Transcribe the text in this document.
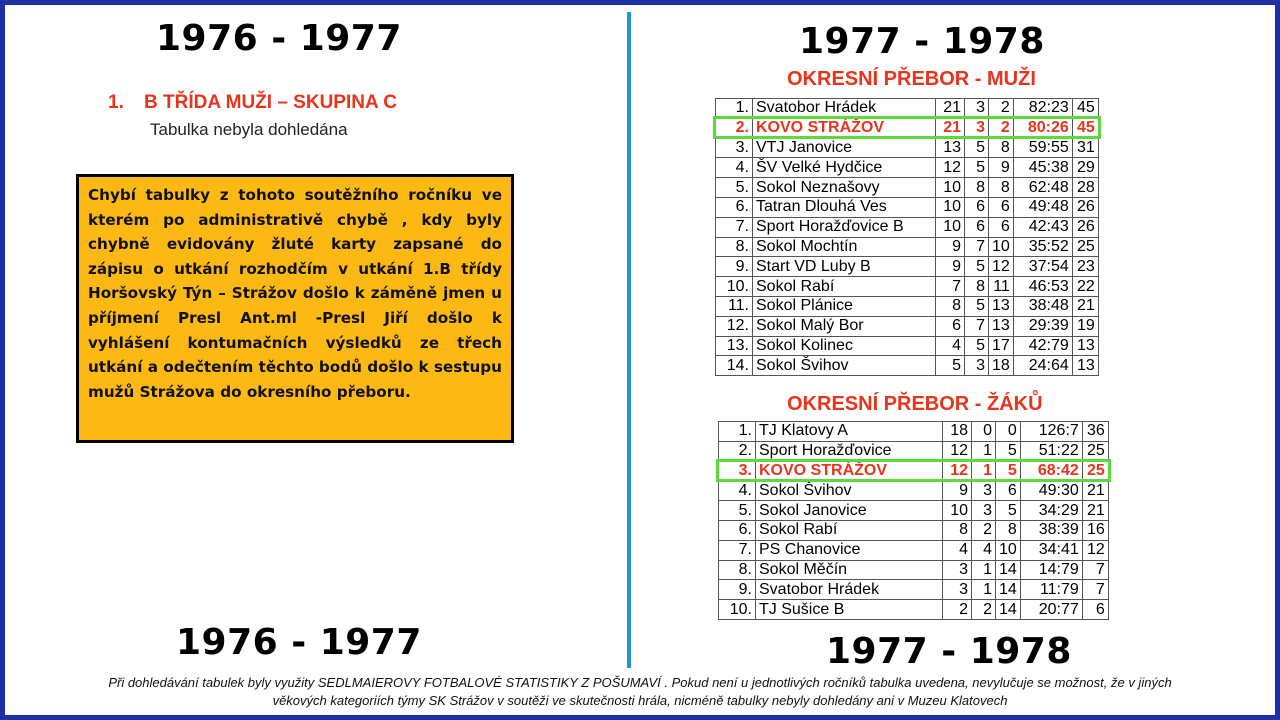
1976 - 1977
1. B TŘÍDA MUŽI – SKUPINA C
Tabulka nebyla dohledána
Chybí tabulky z tohoto soutěžního ročníku ve kterém po administrativě chybě , kdy byly chybně evidovány žluté karty zapsané do zápisu o utkání rozhodčím v utkání 1.B třídy Horšovský Týn – Strážov došlo k záměně jmen u příjmení Presl Ant.ml -Presl Jiří došlo k vyhlášení kontumačních výsledků ze třech utkání a odečtením těchto bodů došlo k sestupu mužů Strážova do okresního přeboru.
1976 - 1977
1977 - 1978
OKRESNÍ PŘEBOR - MUŽI
1.	Svatobor Hrádek	21	3	2	82:23	45
2.	KOVO STRÁŽOV	21	3	2	80:26	45
3.	VTJ Janovice	13	5	8	59:55	31
4.	ŠV Velké Hydčice	12	5	9	45:38	29
5.	Sokol Neznašovy	10	8	8	62:48	28
6.	Tatran Dlouhá Ves	10	6	6	49:48	26
7.	Sport Horažďovice B	10	6	6	42:43	26
8.	Sokol Mochtín	9	7	10	35:52	25
9.	Start VD Luby B	9	5	12	37:54	23
10.	Sokol Rabí	7	8	11	46:53	22
11.	Sokol Plánice	8	5	13	38:48	21
12.	Sokol Malý Bor	6	7	13	29:39	19
13.	Sokol Kolinec	4	5	17	42:79	13
14.	Sokol Švihov	5	3	18	24:64	13
OKRESNÍ PŘEBOR - ŽÁKŮ
1.	TJ Klatovy A	18	0	0	126:7	36
2.	Sport Horažďovice	12	1	5	51:22	25
3.	KOVO STRÁŽOV	12	1	5	68:42	25
4.	Sokol Švihov	9	3	6	49:30	21
5.	Sokol Janovice	10	3	5	34:29	21
6.	Sokol Rabí	8	2	8	38:39	16
7.	PS Chanovice	4	4	10	34:41	12
8.	Sokol Měčín	3	1	14	14:79	7
9.	Svatobor Hrádek	3	1	14	11:79	7
10.	TJ Sušice B	2	2	14	20:77	6
1977 - 1978
Při dohledávání tabulek byly využity SEDLMAIEROVY FOTBALOVÉ STATISTIKY Z POŠUMAVÍ . Pokud není u jednotlivých ročníků tabulka uvedena, nevylučuje se možnost, že v jiných
věkových kategoriích týmy SK Strážov v soutěži ve skutečnosti hrála, nicméně tabulky nebyly dohledány ani v Muzeu Klatovech
